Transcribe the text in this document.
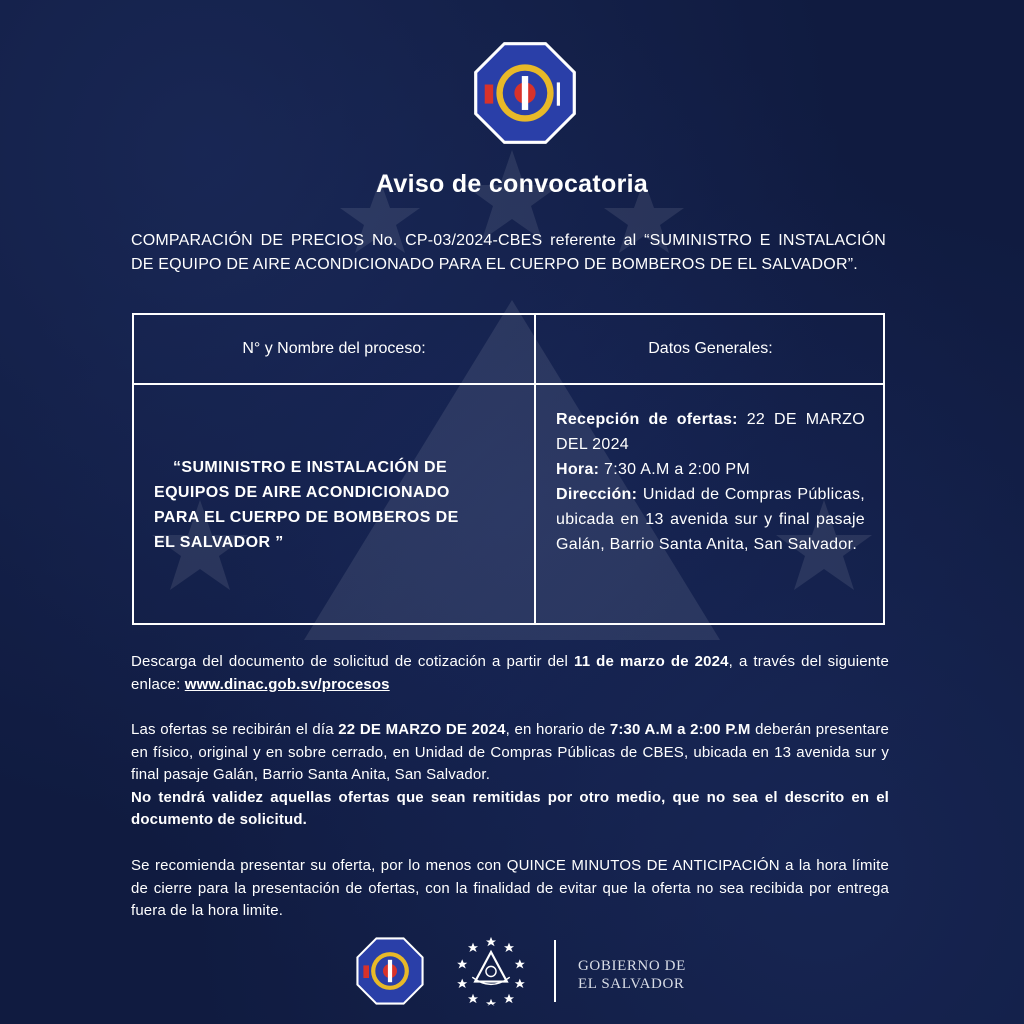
Aviso de convocatoria
COMPARACIÓN DE PRECIOS No. CP-03/2024-CBES referente al “SUMINISTRO E INSTALACIÓN DE EQUIPO DE AIRE ACONDICIONADO PARA EL CUERPO DE BOMBEROS DE EL SALVADOR”.
N° y Nombre del proceso:	Datos Generales:
“SUMINISTRO E INSTALACIÓN DE
EQUIPOS DE AIRE ACONDICIONADO
PARA EL CUERPO DE BOMBEROS DE
EL SALVADOR ”
Recepción de ofertas: 22 DE MARZO DEL 2024
Hora: 7:30 A.M a 2:00 PM
Dirección: Unidad de Compras Públicas, ubicada en 13 avenida sur y final pasaje Galán, Barrio Santa Anita, San Salvador.
Descarga del documento de solicitud de cotización a partir del 11 de marzo de 2024, a través del siguiente enlace: www.dinac.gob.sv/procesos
Las ofertas se recibirán el día 22 DE MARZO DE 2024, en horario de 7:30 A.M a 2:00 P.M deberán presentare en físico, original y en sobre cerrado, en Unidad de Compras Públicas de CBES, ubicada en 13 avenida sur y final pasaje Galán, Barrio Santa Anita, San Salvador.
No tendrá validez aquellas ofertas que sean remitidas por otro medio, que no sea el descrito en el documento de solicitud.
Se recomienda presentar su oferta, por lo menos con QUINCE MINUTOS DE ANTICIPACIÓN a la hora límite de cierre para la presentación de ofertas, con la finalidad de evitar que la oferta no sea recibida por entrega fuera de la hora limite.
GOBIERNO DE
EL SALVADOR
